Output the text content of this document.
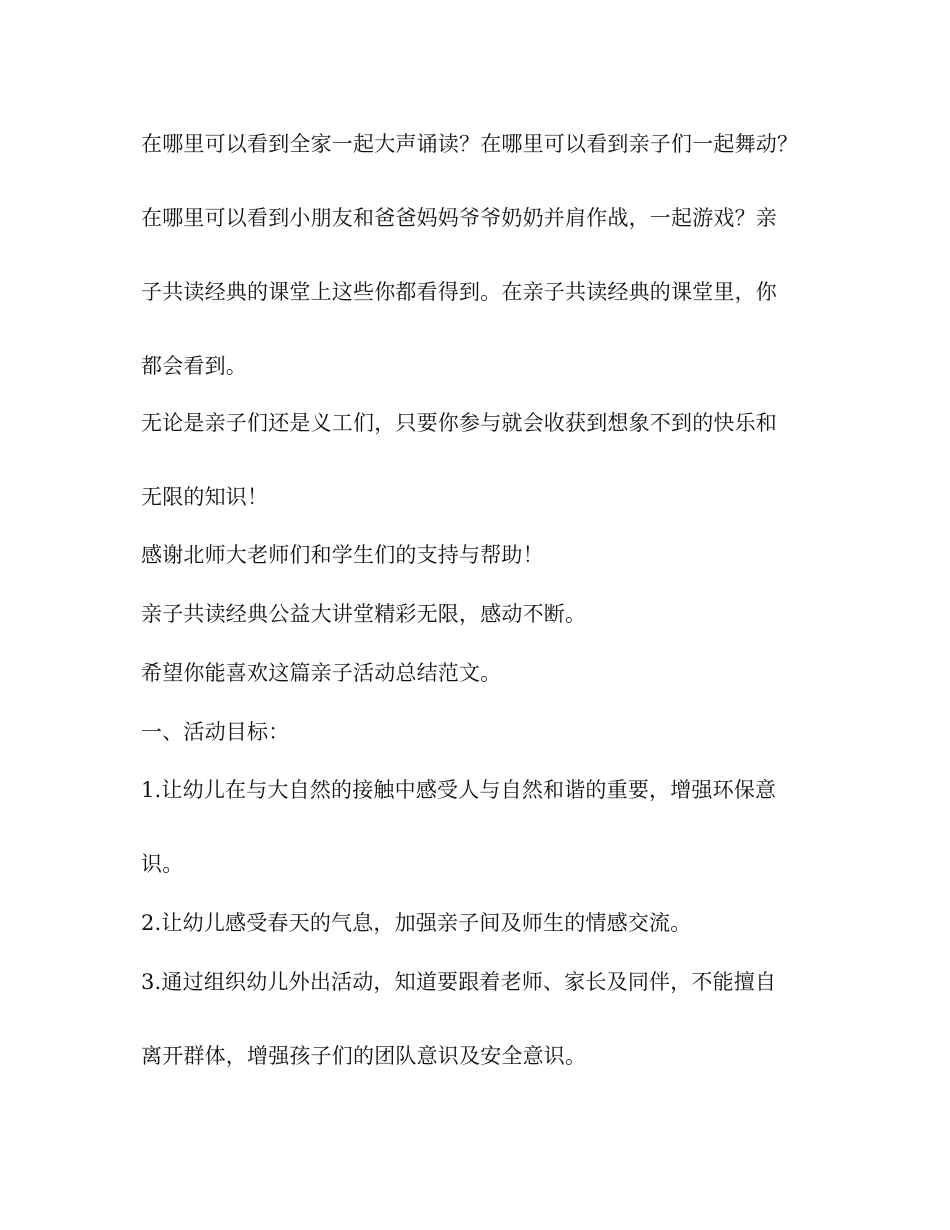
在哪里可以看到全家一起大声诵读？在哪里可以看到亲子们一起舞动？

在哪里可以看到小朋友和爸爸妈妈爷爷奶奶并肩作战，一起游戏？亲

子共读经典的课堂上这些你都看得到。在亲子共读经典的课堂里，你

都会看到。

无论是亲子们还是义工们，只要你参与就会收获到想象不到的快乐和

无限的知识！

感谢北师大老师们和学生们的支持与帮助！

亲子共读经典公益大讲堂精彩无限，感动不断。

希望你能喜欢这篇亲子活动总结范文。

一、活动目标：

1.让幼儿在与大自然的接触中感受人与自然和谐的重要，增强环保意

识。

2.让幼儿感受春天的气息，加强亲子间及师生的情感交流。

3.通过组织幼儿外出活动，知道要跟着老师、家长及同伴，不能擅自

离开群体，增强孩子们的团队意识及安全意识。
